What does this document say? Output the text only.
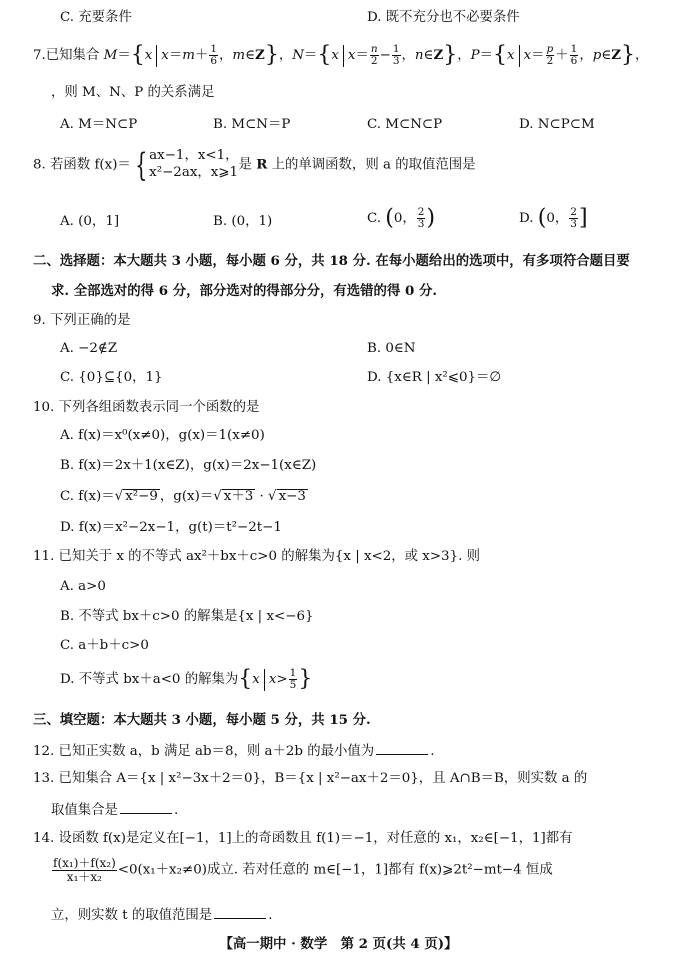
C. 充要条件	D. 既不充分也不必要条件
7.已知集合 M＝{x $x=m+ \frac{1}{6}$ ，m∈Z}，N＝{x $x= \frac{n}{2} - \frac{1}{3}$ ，n∈Z}，P＝{x $x= \frac{p}{2} + \frac{1}{6}$ ，p∈Z}，
，则 M、N、P 的关系满足
A. M＝N⊂P	B. M⊂N＝P	C. M⊂N⊂P	D. N⊂P⊂M
8. 若函数 f(x)＝ { ax−1，x<1，
x²−2ax，x⩾1 是 R 上的单调函数，则 a 的取值范围是
A. (0，1]	B. (0，1)	C. (0， $\frac{2}{3}$ )	D. (0， $\frac{2}{3}$ ]
二、选择题：本大题共 3 小题，每小题 6 分，共 18 分. 在每小题给出的选项中，有多项符合题目要
求. 全部选对的得 6 分，部分选对的得部分分，有选错的得 0 分.
9. 下列正确的是
A. −2∉Z	B. 0∈N
C. {0}⊆{0，1}	D. {x∈R | x²⩽0}＝∅
10. 下列各组函数表示同一个函数的是
A. f(x)＝x⁰(x≠0)，g(x)＝1(x≠0)
B. f(x)＝2x＋1(x∈Z)，g(x)＝2x−1(x∈Z)
C. f(x)＝√ x²−9 ，g(x)＝√ x＋3 · √ x−3
D. f(x)＝x²−2x−1，g(t)＝t²−2t−1
11. 已知关于 x 的不等式 ax²＋bx＋c>0 的解集为{x | x<2，或 x>3}. 则
A. a>0
B. 不等式 bx＋c>0 的解集是{x | x<−6}
C. a＋b＋c>0
D. 不等式 bx＋a<0 的解集为{x $x> \frac{1}{5}$ }
三、填空题：本大题共 3 小题，每小题 5 分，共 15 分.
12. 已知正实数 a，b 满足 ab＝8，则 a＋2b 的最小值为	.
13. 已知集合 A＝{x | x²−3x＋2＝0}，B＝{x | x²−ax＋2＝0}，且 A∩B＝B，则实数 a 的
取值集合是	.
14. 设函数 f(x)是定义在[−1，1]上的奇函数且 f(1)＝−1，对任意的 x₁，x₂∈[−1，1]都有
$\frac{\text{f(x₁)＋f(x₂)}}{\text{x₁＋x₂}} <0(x_1+x_2\ne 0)$成立. 若对任意的 m∈[−1，1]都有 f(x)⩾2t²−mt−4 恒成
立，则实数 t 的取值范围是	.
【高一期中 · 数学　第 2 页(共 4 页)】
